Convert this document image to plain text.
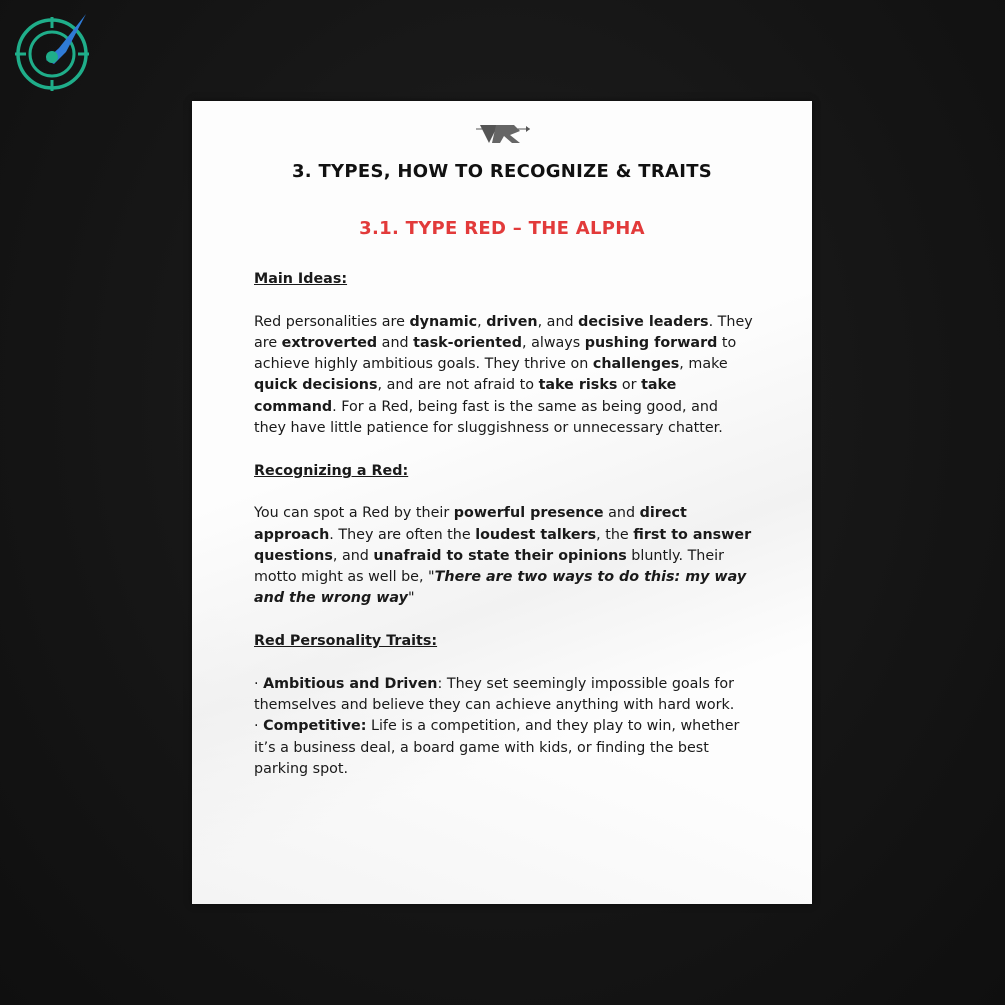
3. TYPES, HOW TO RECOGNIZE & TRAITS
3.1. TYPE RED – THE ALPHA

Main Ideas:

Red personalities are dynamic, driven, and decisive leaders. They are extroverted and task-oriented, always pushing forward to achieve highly ambitious goals. They thrive on challenges, make quick decisions, and are not afraid to take risks or take command. For a Red, being fast is the same as being good, and they have little patience for sluggishness or unnecessary chatter.

Recognizing a Red:

You can spot a Red by their powerful presence and direct approach. They are often the loudest talkers, the first to answer questions, and unafraid to state their opinions bluntly. Their motto might as well be, "There are two ways to do this: my way and the wrong way"

Red Personality Traits:

· Ambitious and Driven: They set seemingly impossible goals for themselves and believe they can achieve anything with hard work.

· Competitive: Life is a competition, and they play to win, whether it’s a business deal, a board game with kids, or finding the best parking spot.
